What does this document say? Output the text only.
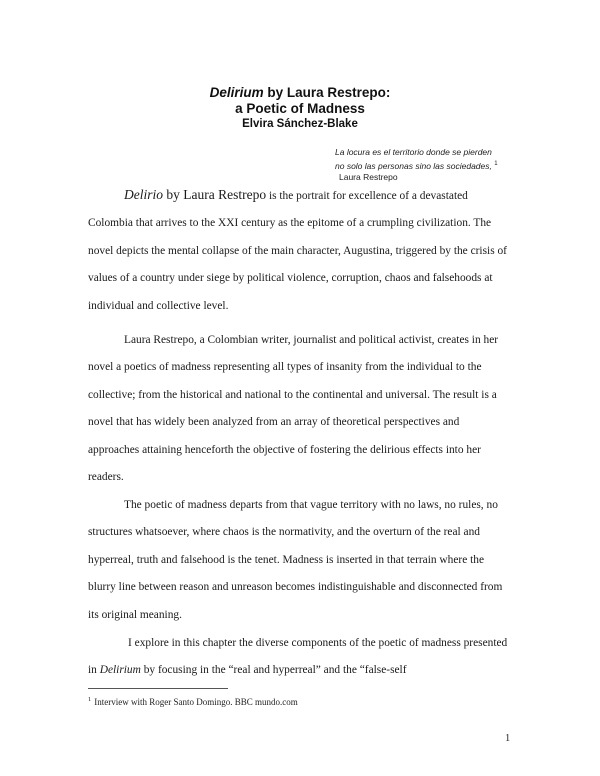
Delirium by Laura Restrepo:
a Poetic of Madness
Elvira Sánchez-Blake
La locura es el territorio donde se pierden
no solo las personas sino las sociedades, $^1$
Laura Restrepo

Delirio by Laura Restrepo is the portrait for excellence of a devastated Colombia that arrives to the XXI century as the epitome of a crumpling civilization. The novel depicts the mental collapse of the main character, Augustina, triggered by the crisis of values of a country under siege by political violence, corruption, chaos and falsehoods at individual and collective level.

Laura Restrepo, a Colombian writer, journalist and political activist, creates in her novel a poetics of madness representing all types of insanity from the individual to the collective; from the historical and national to the continental and universal. The result is a novel that has widely been analyzed from an array of theoretical perspectives and approaches attaining henceforth the objective of fostering the delirious effects into her readers.

The poetic of madness departs from that vague territory with no laws, no rules, no structures whatsoever, where chaos is the normativity, and the overturn of the real and hyperreal, truth and falsehood is the tenet. Madness is inserted in that terrain where the blurry line between reason and unreason becomes indistinguishable and disconnected from its original meaning.

I explore in this chapter the diverse components of the poetic of madness presented in Delirium by focusing in the “real and hyperreal” and the “false-self

$^1$ Interview with Roger Santo Domingo. BBC mundo.com
1
